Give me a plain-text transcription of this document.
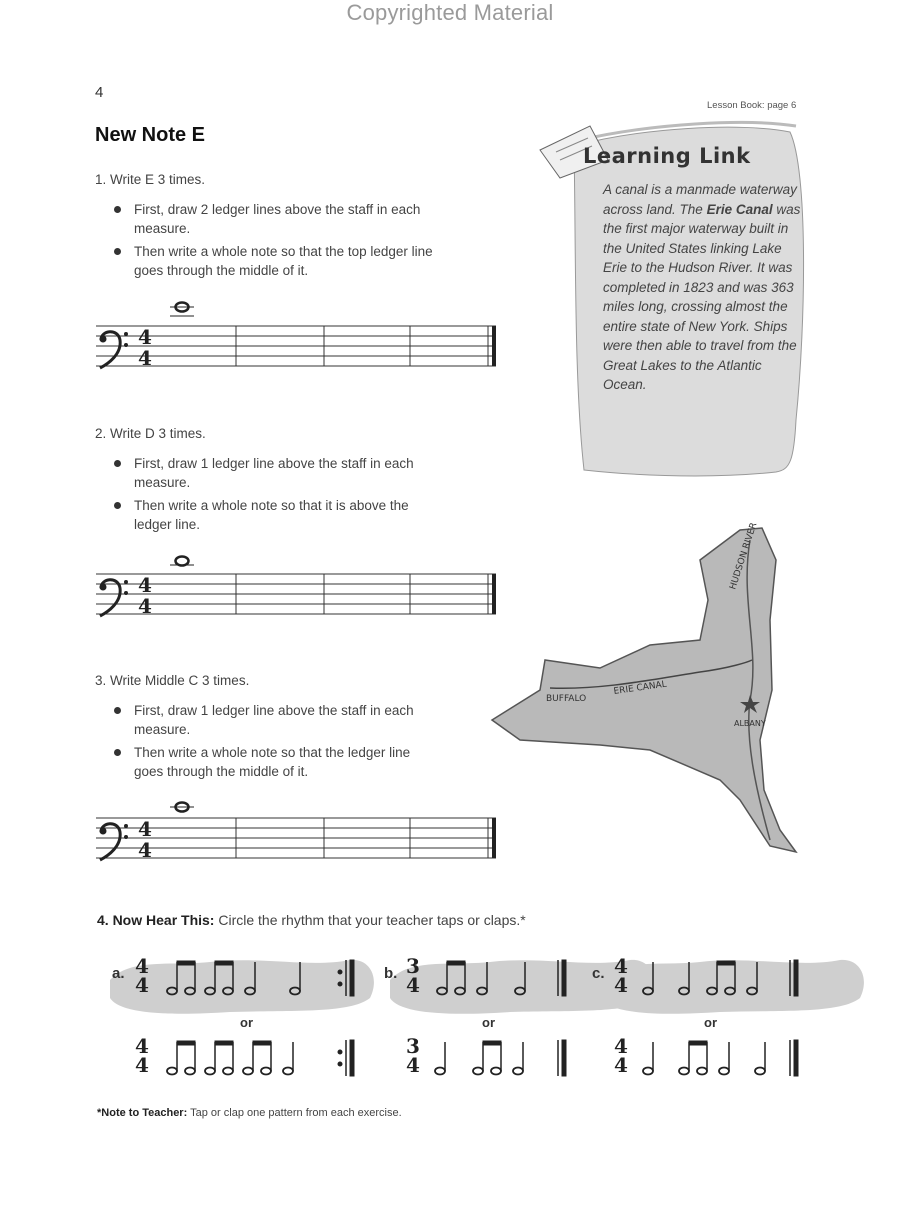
Copyrighted Material
4
Lesson Book: page 6
New Note E
1. Write E 3 times.
First, draw 2 ledger lines above the staff in each measure.
Then write a whole note so that the top ledger line goes through the middle of it.
2. Write D 3 times.
First, draw 1 ledger line above the staff in each measure.
Then write a whole note so that it is above the ledger line.
3. Write Middle C 3 times.
First, draw 1 ledger line above the staff in each measure.
Then write a whole note so that the ledger line goes through the middle of it.
4
4
HUDSON RIVER
BUFFALO
ERIE CANAL
ALBANY
Learning Link
A canal is a manmade waterway across land. The Erie Canal was the first major waterway built in the United States linking Lake Erie to the Hudson River. It was completed in 1823 and was 363 miles long, crossing almost the entire state of New York. Ships were then able to travel from the Great Lakes to the Atlantic Ocean.
4. Now Hear This: Circle the rhythm that your teacher taps or claps.*
a. 4
4
or
4
4
b. 3
4
or
3
4
c. 4
4
or
4
4
*Note to Teacher: Tap or clap one pattern from each exercise.
